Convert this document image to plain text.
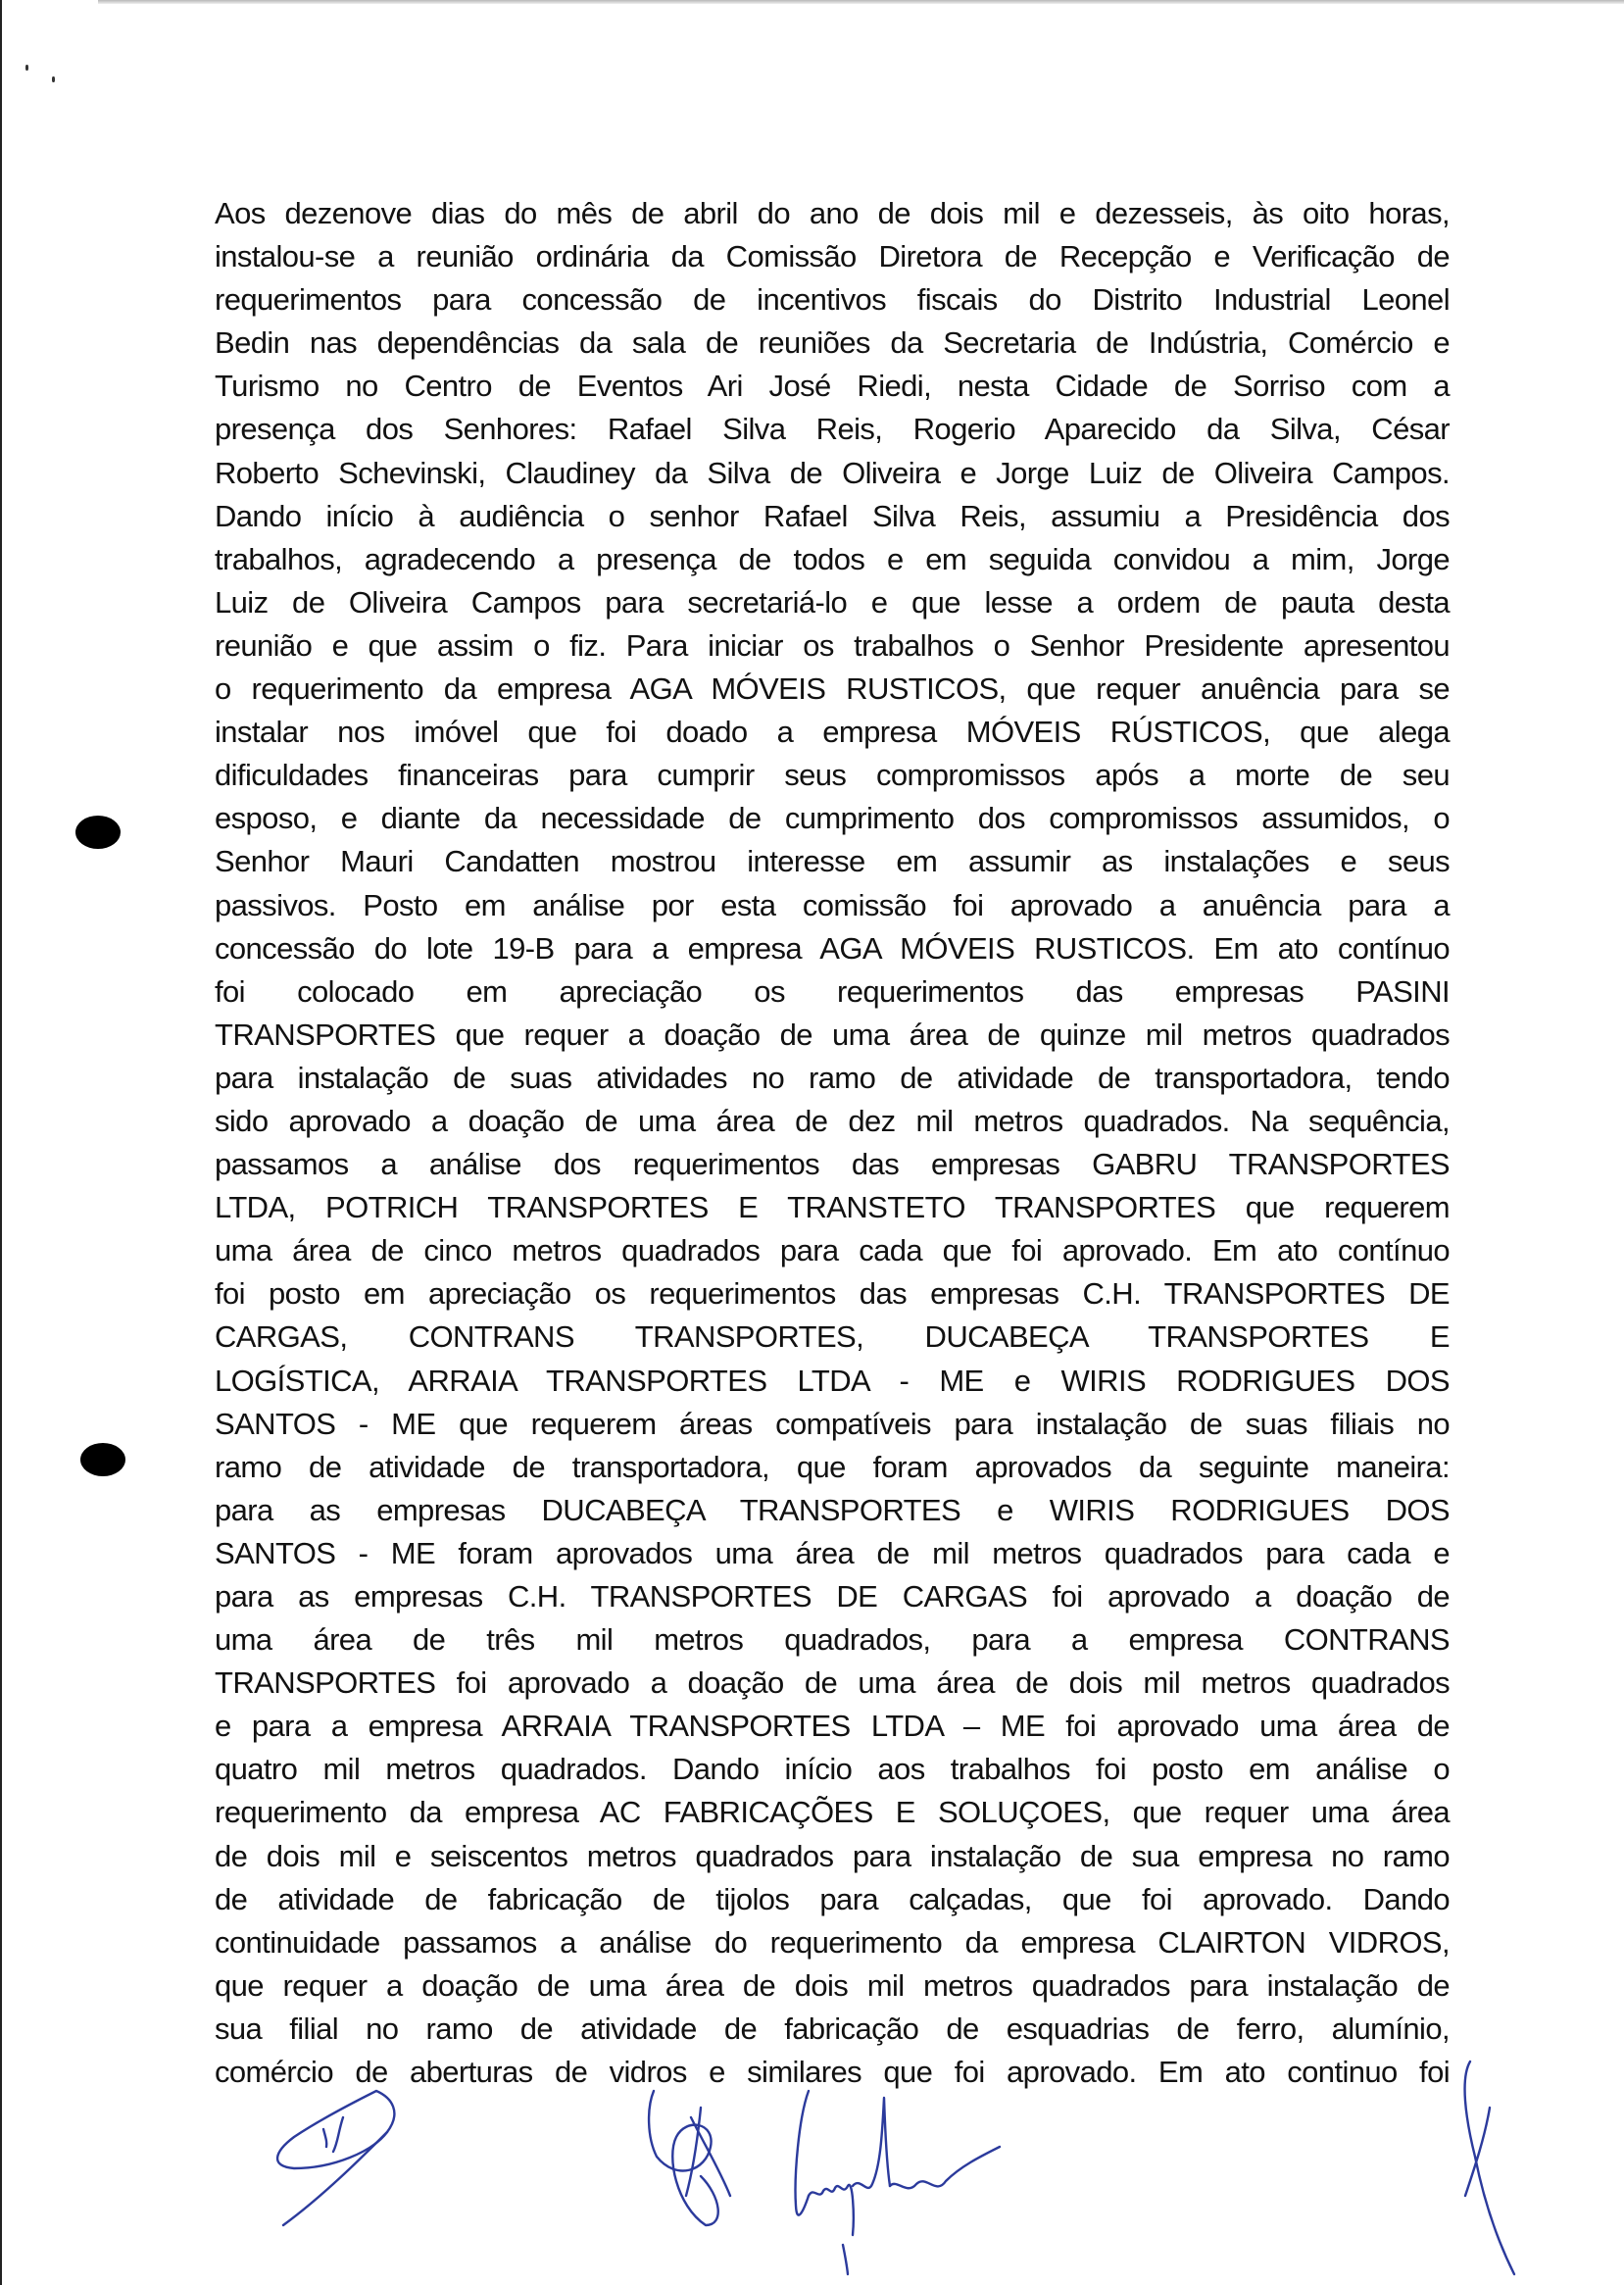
Aos dezenove dias do mês de abril do ano de dois mil e dezesseis, às oito horas,
instalou-se a reunião ordinária da Comissão Diretora de Recepção e Verificação de
requerimentos para concessão de incentivos fiscais do Distrito Industrial Leonel
Bedin nas dependências da sala de reuniões da Secretaria de Indústria, Comércio e
Turismo no Centro de Eventos Ari José Riedi, nesta Cidade de Sorriso com a
presença dos Senhores: Rafael Silva Reis, Rogerio Aparecido da Silva, César
Roberto Schevinski, Claudiney da Silva de Oliveira e Jorge Luiz de Oliveira Campos.
Dando início à audiência o senhor Rafael Silva Reis, assumiu a Presidência dos
trabalhos, agradecendo a presença de todos e em seguida convidou a mim, Jorge
Luiz de Oliveira Campos para secretariá-lo e que lesse a ordem de pauta desta
reunião e que assim o fiz. Para iniciar os trabalhos o Senhor Presidente apresentou
o requerimento da empresa AGA MÓVEIS RUSTICOS, que requer anuência para se
instalar nos imóvel que foi doado a empresa MÓVEIS RÚSTICOS, que alega
dificuldades financeiras para cumprir seus compromissos após a morte de seu
esposo, e diante da necessidade de cumprimento dos compromissos assumidos, o
Senhor Mauri Candatten mostrou interesse em assumir as instalações e seus
passivos. Posto em análise por esta comissão foi aprovado a anuência para a
concessão do lote 19-B para a empresa AGA MÓVEIS RUSTICOS. Em ato contínuo
foi colocado em apreciação os requerimentos das empresas PASINI
TRANSPORTES que requer a doação de uma área de quinze mil metros quadrados
para instalação de suas atividades no ramo de atividade de transportadora, tendo
sido aprovado a doação de uma área de dez mil metros quadrados. Na sequência,
passamos a análise dos requerimentos das empresas GABRU TRANSPORTES
LTDA, POTRICH TRANSPORTES E TRANSTETO TRANSPORTES que requerem
uma área de cinco metros quadrados para cada que foi aprovado. Em ato contínuo
foi posto em apreciação os requerimentos das empresas C.H. TRANSPORTES DE
CARGAS, CONTRANS TRANSPORTES, DUCABEÇA TRANSPORTES E
LOGÍSTICA, ARRAIA TRANSPORTES LTDA - ME e WIRIS RODRIGUES DOS
SANTOS - ME que requerem áreas compatíveis para instalação de suas filiais no
ramo de atividade de transportadora, que foram aprovados da seguinte maneira:
para as empresas DUCABEÇA TRANSPORTES e WIRIS RODRIGUES DOS
SANTOS - ME foram aprovados uma área de mil metros quadrados para cada e
para as empresas C.H. TRANSPORTES DE CARGAS foi aprovado a doação de
uma área de três mil metros quadrados, para a empresa CONTRANS
TRANSPORTES foi aprovado a doação de uma área de dois mil metros quadrados
e para a empresa ARRAIA TRANSPORTES LTDA – ME foi aprovado uma área de
quatro mil metros quadrados. Dando início aos trabalhos foi posto em análise o
requerimento da empresa AC FABRICAÇÕES E SOLUÇOES, que requer uma área
de dois mil e seiscentos metros quadrados para instalação de sua empresa no ramo
de atividade de fabricação de tijolos para calçadas, que foi aprovado. Dando
continuidade passamos a análise do requerimento da empresa CLAIRTON VIDROS,
que requer a doação de uma área de dois mil metros quadrados para instalação de
sua filial no ramo de atividade de fabricação de esquadrias de ferro, alumínio,
comércio de aberturas de vidros e similares que foi aprovado. Em ato continuo foi
